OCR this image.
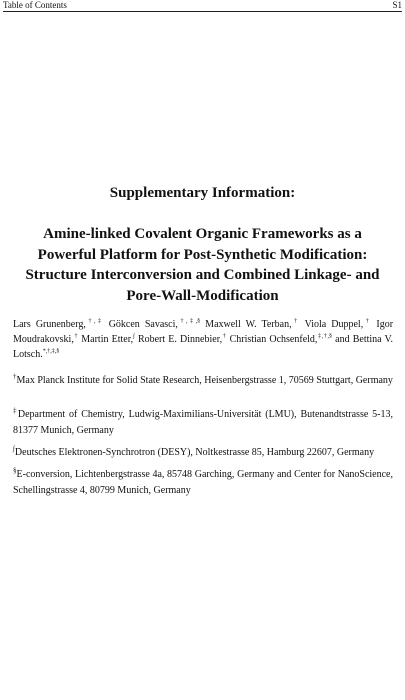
Table of Contents	S1
Supplementary Information:
Amine-linked Covalent Organic Frameworks as a Powerful Platform for Post-Synthetic Modification: Structure Interconversion and Combined Linkage- and Pore-Wall-Modification
Lars Grunenberg,†,‡ Gökcen Savasci,†,‡,§ Maxwell W. Terban,† Viola Duppel,† Igor Moudrakovski,† Martin Etter,∫ Robert E. Dinnebier,† Christian Ochsenfeld,‡,†,§ and Bettina V. Lotsch.*,†,‡,§
†Max Planck Institute for Solid State Research, Heisenbergstrasse 1, 70569 Stuttgart, Germany
‡Department of Chemistry, Ludwig-Maximilians-Universität (LMU), Butenandtstrasse 5-13, 81377 Munich, Germany
∫Deutsches Elektronen-Synchrotron (DESY), Noltkestrasse 85, Hamburg 22607, Germany
§E-conversion, Lichtenbergstrasse 4a, 85748 Garching, Germany and Center for NanoScience, Schellingstrasse 4, 80799 Munich, Germany
